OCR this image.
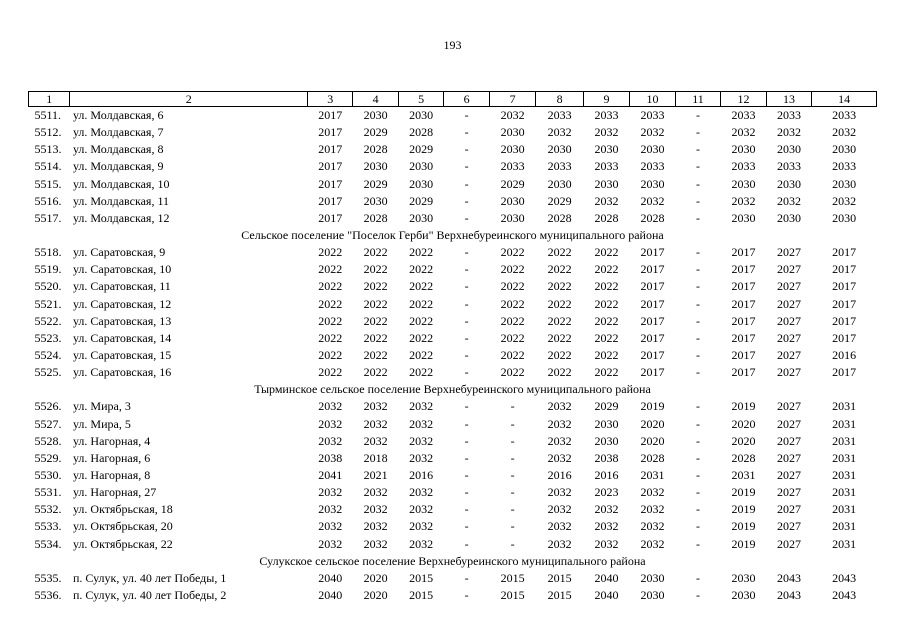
193
1	2	3	4	5	6	7	8	9	10	11	12	13	14
5511.	ул. Молдавская, 6	2017	2030	2030	-	2032	2033	2033	2033	-	2033	2033	2033
5512.	ул. Молдавская, 7	2017	2029	2028	-	2030	2032	2032	2032	-	2032	2032	2032
5513.	ул. Молдавская, 8	2017	2028	2029	-	2030	2030	2030	2030	-	2030	2030	2030
5514.	ул. Молдавская, 9	2017	2030	2030	-	2033	2033	2033	2033	-	2033	2033	2033
5515.	ул. Молдавская, 10	2017	2029	2030	-	2029	2030	2030	2030	-	2030	2030	2030
5516.	ул. Молдавская, 11	2017	2030	2029	-	2030	2029	2032	2032	-	2032	2032	2032
5517.	ул. Молдавская, 12	2017	2028	2030	-	2030	2028	2028	2028	-	2030	2030	2030
Сельское поселение "Поселок Герби" Верхнебуреинского муниципального района													
5518.	ул. Саратовская, 9	2022	2022	2022	-	2022	2022	2022	2017	-	2017	2027	2017
5519.	ул. Саратовская, 10	2022	2022	2022	-	2022	2022	2022	2017	-	2017	2027	2017
5520.	ул. Саратовская, 11	2022	2022	2022	-	2022	2022	2022	2017	-	2017	2027	2017
5521.	ул. Саратовская, 12	2022	2022	2022	-	2022	2022	2022	2017	-	2017	2027	2017
5522.	ул. Саратовская, 13	2022	2022	2022	-	2022	2022	2022	2017	-	2017	2027	2017
5523.	ул. Саратовская, 14	2022	2022	2022	-	2022	2022	2022	2017	-	2017	2027	2017
5524.	ул. Саратовская, 15	2022	2022	2022	-	2022	2022	2022	2017	-	2017	2027	2016
5525.	ул. Саратовская, 16	2022	2022	2022	-	2022	2022	2022	2017	-	2017	2027	2017
Тырминское сельское поселение Верхнебуреинского муниципального района													
5526.	ул. Мира, 3	2032	2032	2032	-	-	2032	2029	2019	-	2019	2027	2031
5527.	ул. Мира, 5	2032	2032	2032	-	-	2032	2030	2020	-	2020	2027	2031
5528.	ул. Нагорная, 4	2032	2032	2032	-	-	2032	2030	2020	-	2020	2027	2031
5529.	ул. Нагорная, 6	2038	2018	2032	-	-	2032	2038	2028	-	2028	2027	2031
5530.	ул. Нагорная, 8	2041	2021	2016	-	-	2016	2016	2031	-	2031	2027	2031
5531.	ул. Нагорная, 27	2032	2032	2032	-	-	2032	2023	2032	-	2019	2027	2031
5532.	ул. Октябрьская, 18	2032	2032	2032	-	-	2032	2032	2032	-	2019	2027	2031
5533.	ул. Октябрьская, 20	2032	2032	2032	-	-	2032	2032	2032	-	2019	2027	2031
5534.	ул. Октябрьская, 22	2032	2032	2032	-	-	2032	2032	2032	-	2019	2027	2031
Сулукское сельское поселение Верхнебуреинского муниципального района													
5535.	п. Сулук, ул. 40 лет Победы, 1	2040	2020	2015	-	2015	2015	2040	2030	-	2030	2043	2043
5536.	п. Сулук, ул. 40 лет Победы, 2	2040	2020	2015	-	2015	2015	2040	2030	-	2030	2043	2043
